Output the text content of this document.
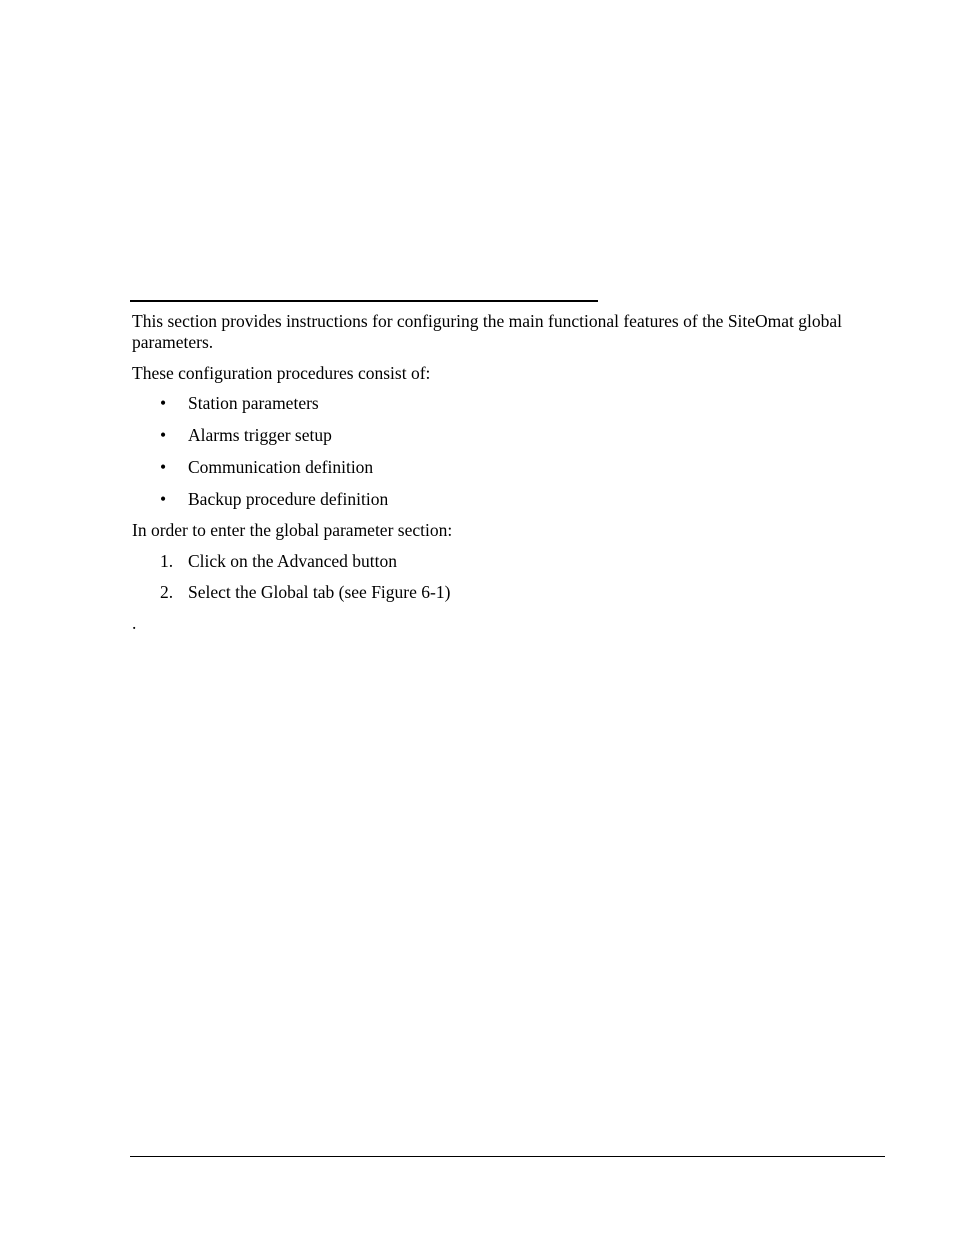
This section provides instructions for configuring the main functional features of the SiteOmat global parameters.

These configuration procedures consist of:

• Station parameters
• Alarms trigger setup
• Communication definition
• Backup procedure definition

In order to enter the global parameter section:

1. Click on the Advanced button
2. Select the Global tab (see Figure 6-1)

.
